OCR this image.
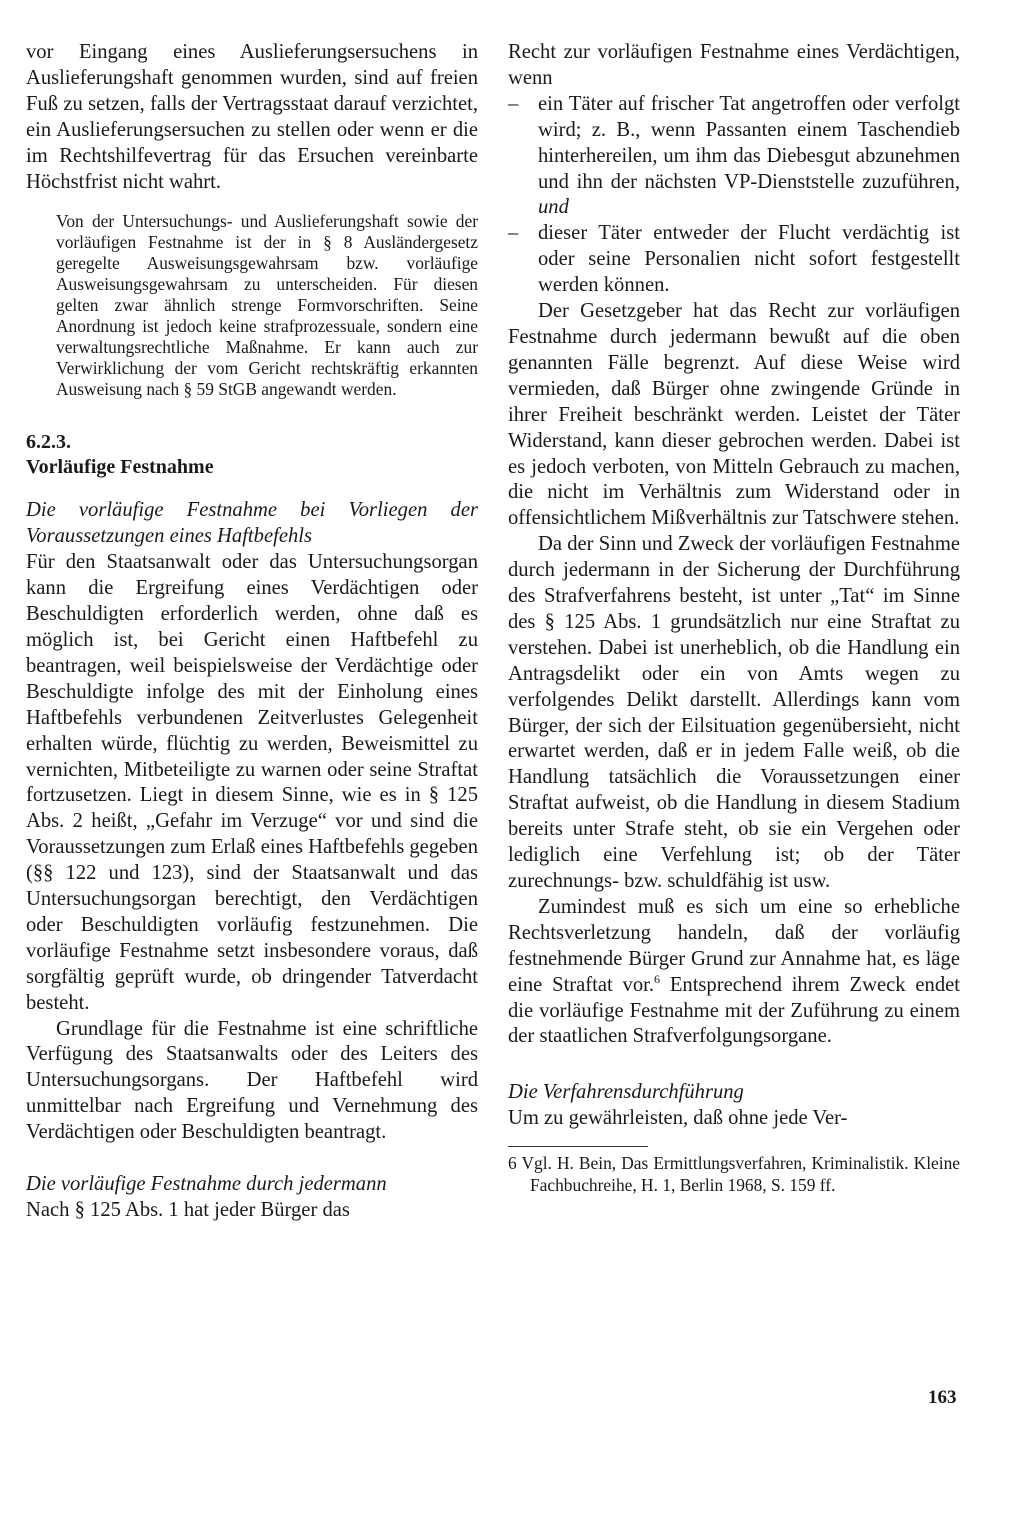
vor Eingang eines Auslieferungsersuchens in Auslieferungshaft genommen wurden, sind auf freien Fuß zu setzen, falls der Vertragsstaat darauf verzichtet, ein Auslieferungsersuchen zu stellen oder wenn er die im Rechtshilfevertrag für das Ersuchen vereinbarte Höchstfrist nicht wahrt.

Von der Untersuchungs- und Auslieferungshaft sowie der vorläufigen Festnahme ist der in § 8 Ausländergesetz geregelte Ausweisungsgewahrsam bzw. vorläufige Ausweisungsgewahrsam zu unterscheiden. Für diesen gelten zwar ähnlich strenge Formvorschriften. Seine Anordnung ist jedoch keine strafprozessuale, sondern eine verwaltungsrechtliche Maßnahme. Er kann auch zur Verwirklichung der vom Gericht rechtskräftig erkannten Ausweisung nach § 59 StGB angewandt werden.

6.2.3.

Vorläufige Festnahme

Die vorläufige Festnahme bei Vorliegen der Voraussetzungen eines Haftbefehls

Für den Staatsanwalt oder das Untersuchungsorgan kann die Ergreifung eines Verdächtigen oder Beschuldigten erforderlich werden, ohne daß es möglich ist, bei Gericht einen Haftbefehl zu beantragen, weil beispielsweise der Verdächtige oder Beschuldigte infolge des mit der Einholung eines Haftbefehls verbundenen Zeitverlustes Gelegenheit erhalten würde, flüchtig zu werden, Beweismittel zu vernichten, Mitbeteiligte zu warnen oder seine Straftat fortzusetzen. Liegt in diesem Sinne, wie es in § 125 Abs. 2 heißt, „Gefahr im Verzuge“ vor und sind die Voraussetzungen zum Erlaß eines Haftbefehls gegeben (§§ 122 und 123), sind der Staatsanwalt und das Untersuchungsorgan berechtigt, den Verdächtigen oder Beschuldigten vorläufig festzunehmen. Die vorläufige Festnahme setzt insbesondere voraus, daß sorgfältig geprüft wurde, ob dringender Tatverdacht besteht.

Grundlage für die Festnahme ist eine schriftliche Verfügung des Staatsanwalts oder des Leiters des Untersuchungsorgans. Der Haftbefehl wird unmittelbar nach Ergreifung und Vernehmung des Verdächtigen oder Beschuldigten beantragt.

Die vorläufige Festnahme durch jedermann

Nach § 125 Abs. 1 hat jeder Bürger das

Recht zur vorläufigen Festnahme eines Verdächtigen, wenn

– ein Täter auf frischer Tat angetroffen oder verfolgt wird; z. B., wenn Passanten einem Taschendieb hinterhereilen, um ihm das Diebesgut abzunehmen und ihn der nächsten VP-Dienststelle zuzuführen, und
– dieser Täter entweder der Flucht verdächtig ist oder seine Personalien nicht sofort festgestellt werden können.

Der Gesetzgeber hat das Recht zur vorläufigen Festnahme durch jedermann bewußt auf die oben genannten Fälle begrenzt. Auf diese Weise wird vermieden, daß Bürger ohne zwingende Gründe in ihrer Freiheit beschränkt werden. Leistet der Täter Widerstand, kann dieser gebrochen werden. Dabei ist es jedoch verboten, von Mitteln Gebrauch zu machen, die nicht im Verhältnis zum Widerstand oder in offensichtlichem Mißverhältnis zur Tatschwere stehen.

Da der Sinn und Zweck der vorläufigen Festnahme durch jedermann in der Sicherung der Durchführung des Strafverfahrens besteht, ist unter „Tat“ im Sinne des § 125 Abs. 1 grundsätzlich nur eine Straftat zu verstehen. Dabei ist unerheblich, ob die Handlung ein Antragsdelikt oder ein von Amts wegen zu verfolgendes Delikt darstellt. Allerdings kann vom Bürger, der sich der Eilsituation gegenübersieht, nicht erwartet werden, daß er in jedem Falle weiß, ob die Handlung tatsächlich die Voraussetzungen einer Straftat aufweist, ob die Handlung in diesem Stadium bereits unter Strafe steht, ob sie ein Vergehen oder lediglich eine Verfehlung ist; ob der Täter zurechnungs- bzw. schuldfähig ist usw.

Zumindest muß es sich um eine so erhebliche Rechtsverletzung handeln, daß der vorläufig festnehmende Bürger Grund zur Annahme hat, es läge eine Straftat vor.$^6$ Entsprechend ihrem Zweck endet die vorläufige Festnahme mit der Zuführung zu einem der staatlichen Strafverfolgungsorgane.

Die Verfahrensdurchführung

Um zu gewährleisten, daß ohne jede Ver-

6 Vgl. H. Bein, Das Ermittlungsverfahren, Kriminalistik. Kleine Fachbuchreihe, H. 1, Berlin 1968, S. 159 ff.

163
